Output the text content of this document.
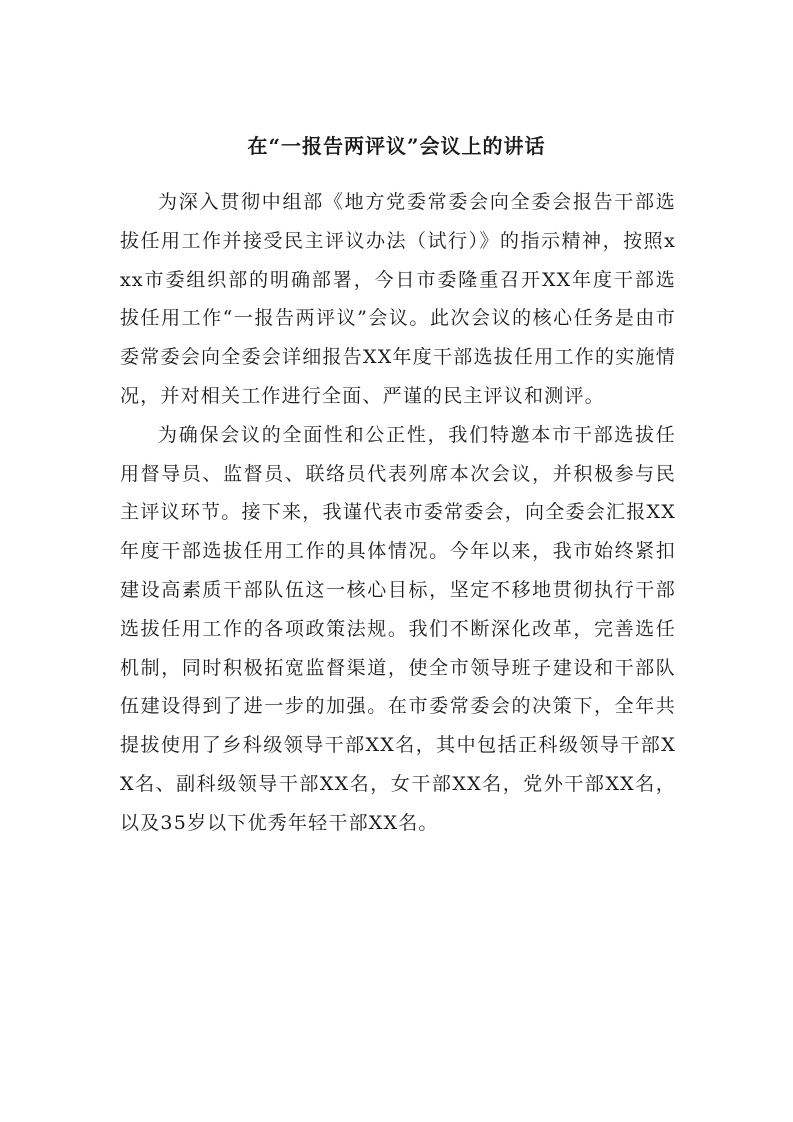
在“一报告两评议”会议上的讲话

为深入贯彻中组部《地方党委常委会向全委会报告干部选拔任用工作并接受民主评议办法（试行）》的指示精神，按照xxx市委组织部的明确部署，今日市委隆重召开XX年度干部选拔任用工作“一报告两评议”会议。此次会议的核心任务是由市委常委会向全委会详细报告XX年度干部选拔任用工作的实施情况，并对相关工作进行全面、严谨的民主评议和测评。

为确保会议的全面性和公正性，我们特邀本市干部选拔任用督导员、监督员、联络员代表列席本次会议，并积极参与民主评议环节。接下来，我谨代表市委常委会，向全委会汇报XX年度干部选拔任用工作的具体情况。今年以来，我市始终紧扣建设高素质干部队伍这一核心目标，坚定不移地贯彻执行干部选拔任用工作的各项政策法规。我们不断深化改革，完善选任机制，同时积极拓宽监督渠道，使全市领导班子建设和干部队伍建设得到了进一步的加强。在市委常委会的决策下，全年共提拔使用了乡科级领导干部XX名，其中包括正科级领导干部XX名、副科级领导干部XX名，女干部XX名，党外干部XX名，以及35岁以下优秀年轻干部XX名。
